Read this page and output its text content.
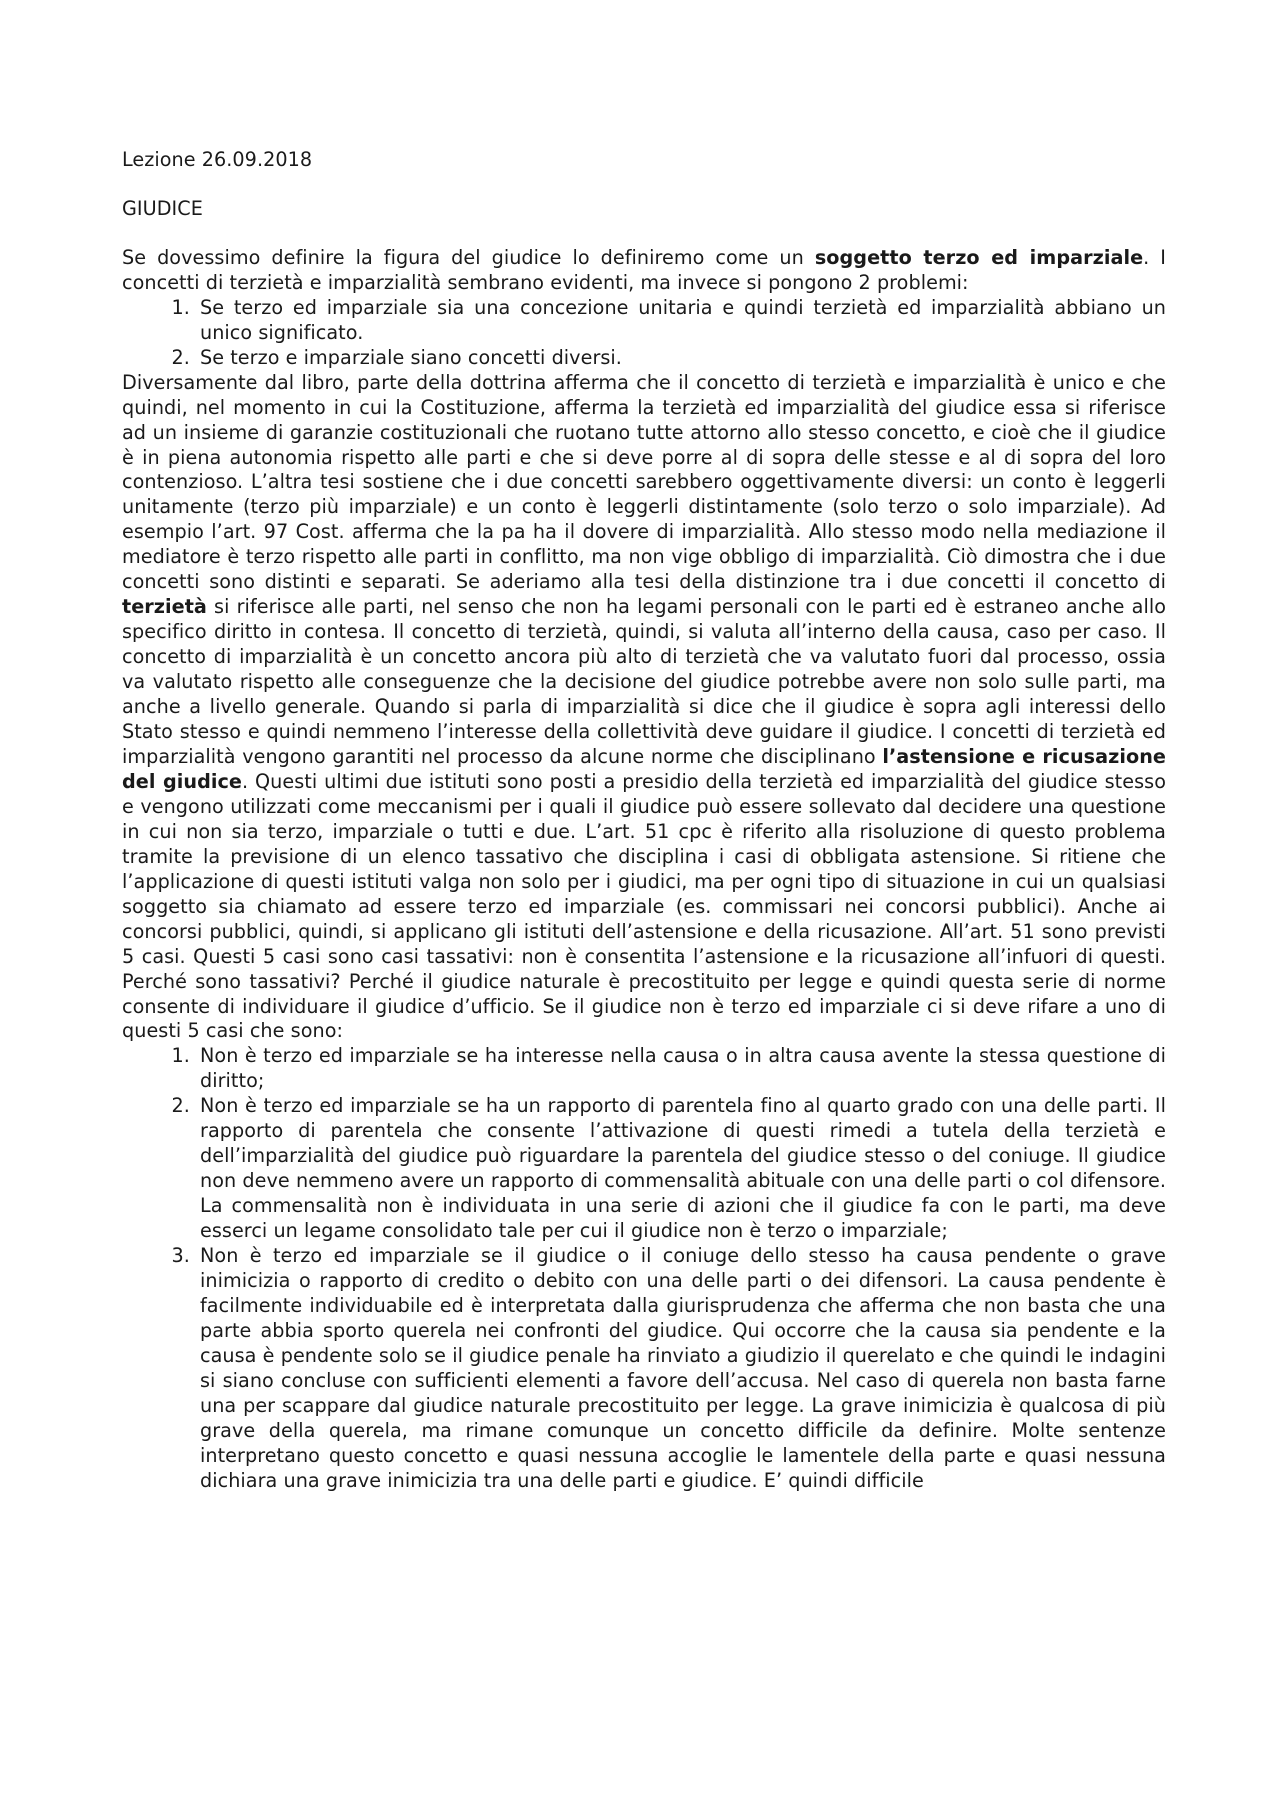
Lezione 26.09.2018

GIUDICE

Se dovessimo definire la figura del giudice lo definiremo come un soggetto terzo ed imparziale. I concetti di terzietà e imparzialità sembrano evidenti, ma invece si pongono 2 problemi:

1. Se terzo ed imparziale sia una concezione unitaria e quindi terzietà ed imparzialità abbiano un unico significato.
2. Se terzo e imparziale siano concetti diversi.

Diversamente dal libro, parte della dottrina afferma che il concetto di terzietà e imparzialità è unico e che quindi, nel momento in cui la Costituzione, afferma la terzietà ed imparzialità del giudice essa si riferisce ad un insieme di garanzie costituzionali che ruotano tutte attorno allo stesso concetto, e cioè che il giudice è in piena autonomia rispetto alle parti e che si deve porre al di sopra delle stesse e al di sopra del loro contenzioso. L’altra tesi sostiene che i due concetti sarebbero oggettivamente diversi: un conto è leggerli unitamente (terzo più imparziale) e un conto è leggerli distintamente (solo terzo o solo imparziale). Ad esempio l’art. 97 Cost. afferma che la pa ha il dovere di imparzialità. Allo stesso modo nella mediazione il mediatore è terzo rispetto alle parti in conflitto, ma non vige obbligo di imparzialità. Ciò dimostra che i due concetti sono distinti e separati. Se aderiamo alla tesi della distinzione tra i due concetti il concetto di terzietà si riferisce alle parti, nel senso che non ha legami personali con le parti ed è estraneo anche allo specifico diritto in contesa. Il concetto di terzietà, quindi, si valuta all’interno della causa, caso per caso. Il concetto di imparzialità è un concetto ancora più alto di terzietà che va valutato fuori dal processo, ossia va valutato rispetto alle conseguenze che la decisione del giudice potrebbe avere non solo sulle parti, ma anche a livello generale. Quando si parla di imparzialità si dice che il giudice è sopra agli interessi dello Stato stesso e quindi nemmeno l’interesse della collettività deve guidare il giudice. I concetti di terzietà ed imparzialità vengono garantiti nel processo da alcune norme che disciplinano l’astensione e ricusazione del giudice. Questi ultimi due istituti sono posti a presidio della terzietà ed imparzialità del giudice stesso e vengono utilizzati come meccanismi per i quali il giudice può essere sollevato dal decidere una questione in cui non sia terzo, imparziale o tutti e due. L’art. 51 cpc è riferito alla risoluzione di questo problema tramite la previsione di un elenco tassativo che disciplina i casi di obbligata astensione. Si ritiene che l’applicazione di questi istituti valga non solo per i giudici, ma per ogni tipo di situazione in cui un qualsiasi soggetto sia chiamato ad essere terzo ed imparziale (es. commissari nei concorsi pubblici). Anche ai concorsi pubblici, quindi, si applicano gli istituti dell’astensione e della ricusazione. All’art. 51 sono previsti 5 casi. Questi 5 casi sono casi tassativi: non è consentita l’astensione e la ricusazione all’infuori di questi. Perché sono tassativi? Perché il giudice naturale è precostituito per legge e quindi questa serie di norme consente di individuare il giudice d’ufficio. Se il giudice non è terzo ed imparziale ci si deve rifare a uno di questi 5 casi che sono:

1. Non è terzo ed imparziale se ha interesse nella causa o in altra causa avente la stessa questione di diritto;
2. Non è terzo ed imparziale se ha un rapporto di parentela fino al quarto grado con una delle parti. Il rapporto di parentela che consente l’attivazione di questi rimedi a tutela della terzietà e dell’imparzialità del giudice può riguardare la parentela del giudice stesso o del coniuge. Il giudice non deve nemmeno avere un rapporto di commensalità abituale con una delle parti o col difensore. La commensalità non è individuata in una serie di azioni che il giudice fa con le parti, ma deve esserci un legame consolidato tale per cui il giudice non è terzo o imparziale;
3. Non è terzo ed imparziale se il giudice o il coniuge dello stesso ha causa pendente o grave inimicizia o rapporto di credito o debito con una delle parti o dei difensori. La causa pendente è facilmente individuabile ed è interpretata dalla giurisprudenza che afferma che non basta che una parte abbia sporto querela nei confronti del giudice. Qui occorre che la causa sia pendente e la causa è pendente solo se il giudice penale ha rinviato a giudizio il querelato e che quindi le indagini si siano concluse con sufficienti elementi a favore dell’accusa. Nel caso di querela non basta farne una per scappare dal giudice naturale precostituito per legge. La grave inimicizia è qualcosa di più grave della querela, ma rimane comunque un concetto difficile da definire. Molte sentenze interpretano questo concetto e quasi nessuna accoglie le lamentele della parte e quasi nessuna dichiara una grave inimicizia tra una delle parti e giudice. E’ quindi difficile
